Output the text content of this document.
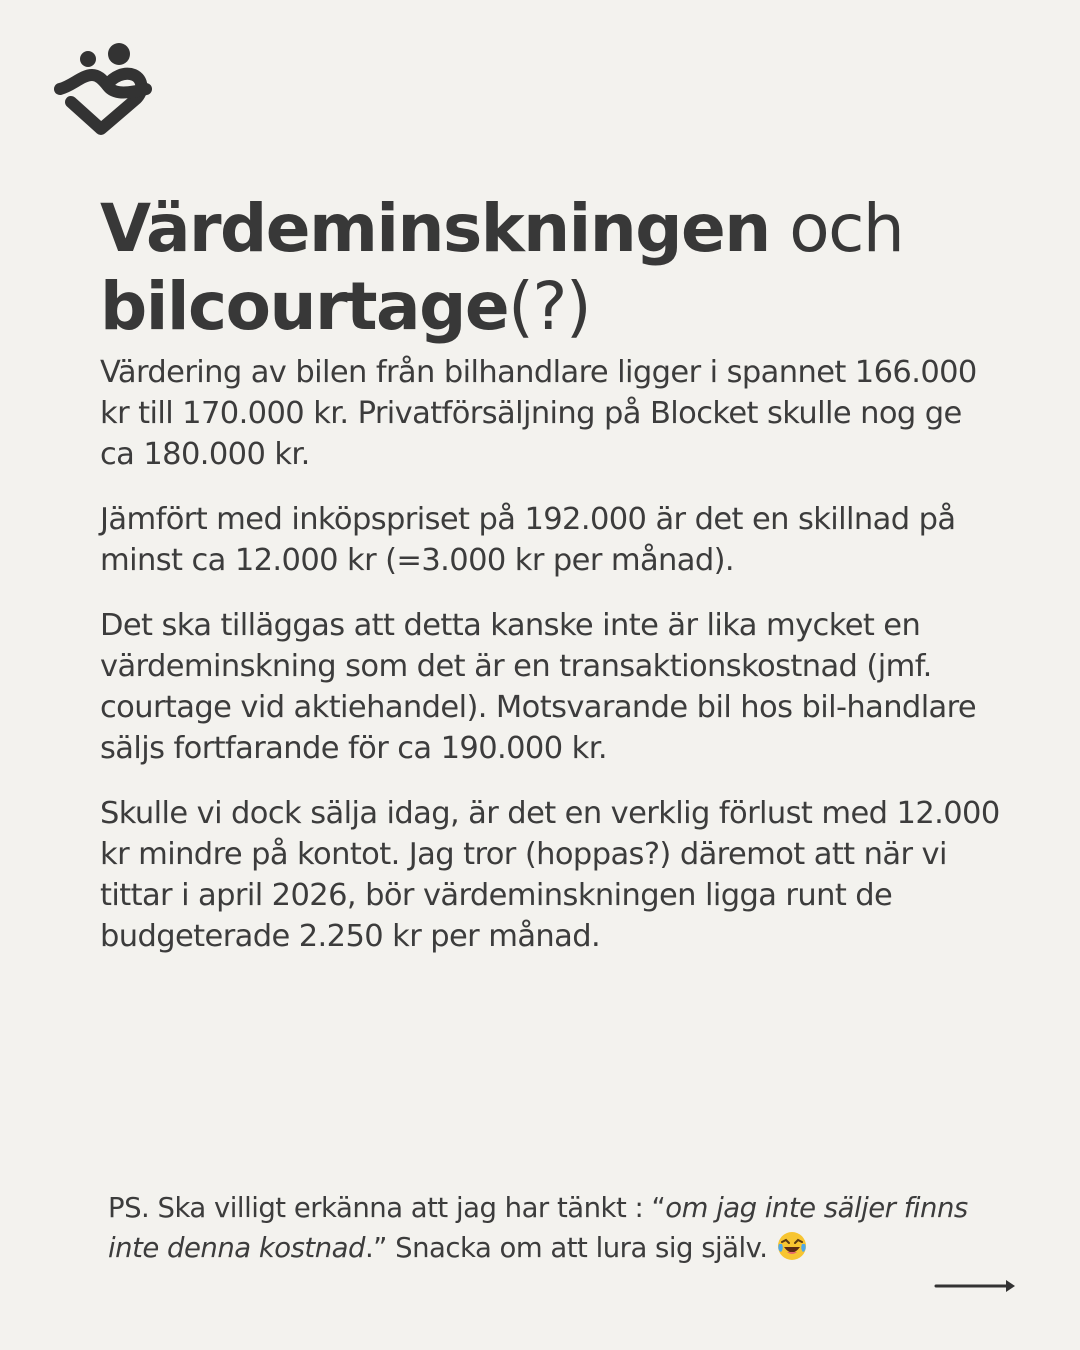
Värdeminskningen och
bilcourtage(?)

Värdering av bilen från bilhandlare ligger i spannet 166.000 kr till 170.000 kr. Privatförsäljning på Blocket skulle nog ge ca 180.000 kr.

Jämfört med inköpspriset på 192.000 är det en skillnad på minst ca 12.000 kr (=3.000 kr per månad).

Det ska tilläggas att detta kanske inte är lika mycket en värdeminskning som det är en transaktionskostnad (jmf. courtage vid aktiehandel). Motsvarande bil hos bil-handlare säljs fortfarande för ca 190.000 kr.

Skulle vi dock sälja idag, är det en verklig förlust med 12.000 kr mindre på kontot. Jag tror (hoppas?) däremot att när vi tittar i april 2026, bör värdeminskningen ligga runt de budgeterade 2.250 kr per månad.

PS. Ska villigt erkänna att jag har tänkt : “om jag inte säljer finns inte denna kostnad.” Snacka om att lura sig själv.
